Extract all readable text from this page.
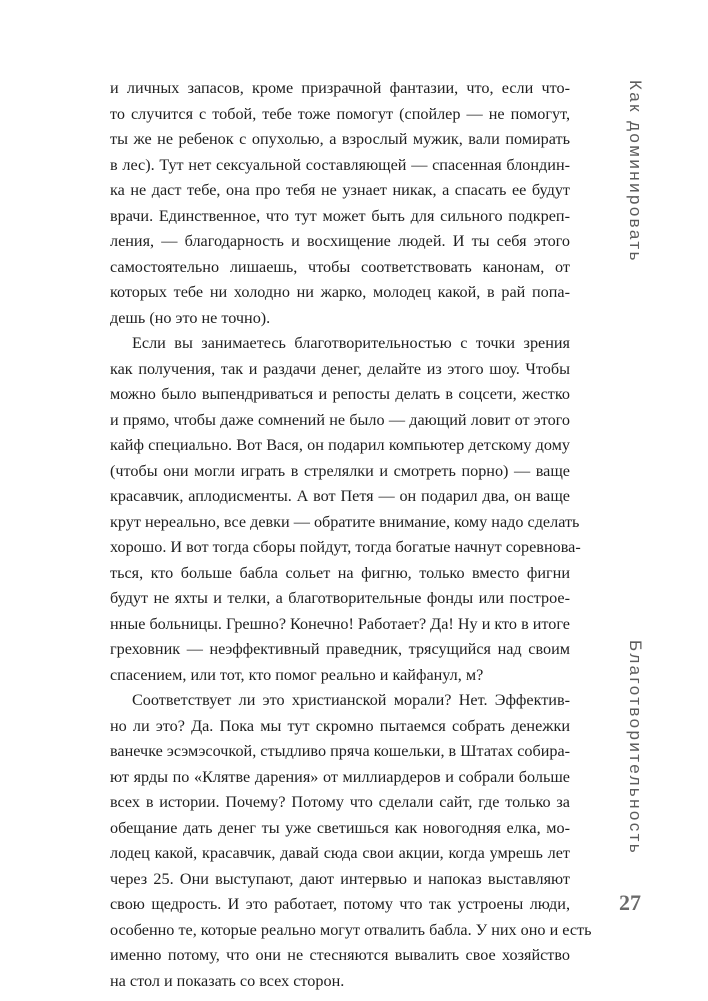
Как доминировать
Благотворительность
и личных запасов, кроме призрачной фантазии, что, если что-
то случится с тобой, тебе тоже помогут (спойлер — не помогут,
ты же не ребенок с опухолью, а взрослый мужик, вали помирать
в лес). Тут нет сексуальной составляющей — спасенная блондин-
ка не даст тебе, она про тебя не узнает никак, а спасать ее будут
врачи. Единственное, что тут может быть для сильного подкреп-
ления, — благодарность и восхищение людей. И ты себя этого
самостоятельно лишаешь, чтобы соответствовать канонам, от
которых тебе ни холодно ни жарко, молодец какой, в рай попа-
дешь (но это не точно).
Если вы занимаетесь благотворительностью с точки зрения
как получения, так и раздачи денег, делайте из этого шоу. Чтобы
можно было выпендриваться и репосты делать в соцсети, жестко
и прямо, чтобы даже сомнений не было — дающий ловит от этого
кайф специально. Вот Вася, он подарил компьютер детскому дому
(чтобы они могли играть в стрелялки и смотреть порно) — ваще
красавчик, аплодисменты. А вот Петя — он подарил два, он ваще
крут нереально, все девки — обратите внимание, кому надо сделать
хорошо. И вот тогда сборы пойдут, тогда богатые начнут соревнова-
ться, кто больше бабла сольет на фигню, только вместо фигни
будут не яхты и телки, а благотворительные фонды или построе-
нные больницы. Грешно? Конечно! Работает? Да! Ну и кто в итоге
греховник — неэффективный праведник, трясущийся над своим
спасением, или тот, кто помог реально и кайфанул, м?
Соответствует ли это христианской морали? Нет. Эффектив-
но ли это? Да. Пока мы тут скромно пытаемся собрать денежки
ванечке эсэмэсочкой, стыдливо пряча кошельки, в Штатах собира-
ют ярды по «Клятве дарения» от миллиардеров и собрали больше
всех в истории. Почему? Потому что сделали сайт, где только за
обещание дать денег ты уже светишься как новогодняя елка, мо-
лодец какой, красавчик, давай сюда свои акции, когда умрешь лет
через 25. Они выступают, дают интервью и напоказ выставляют
свою щедрость. И это работает, потому что так устроены люди,
особенно те, которые реально могут отвалить бабла. У них оно и есть
именно потому, что они не стесняются вывалить свое хозяйство
на стол и показать со всех сторон.
27
